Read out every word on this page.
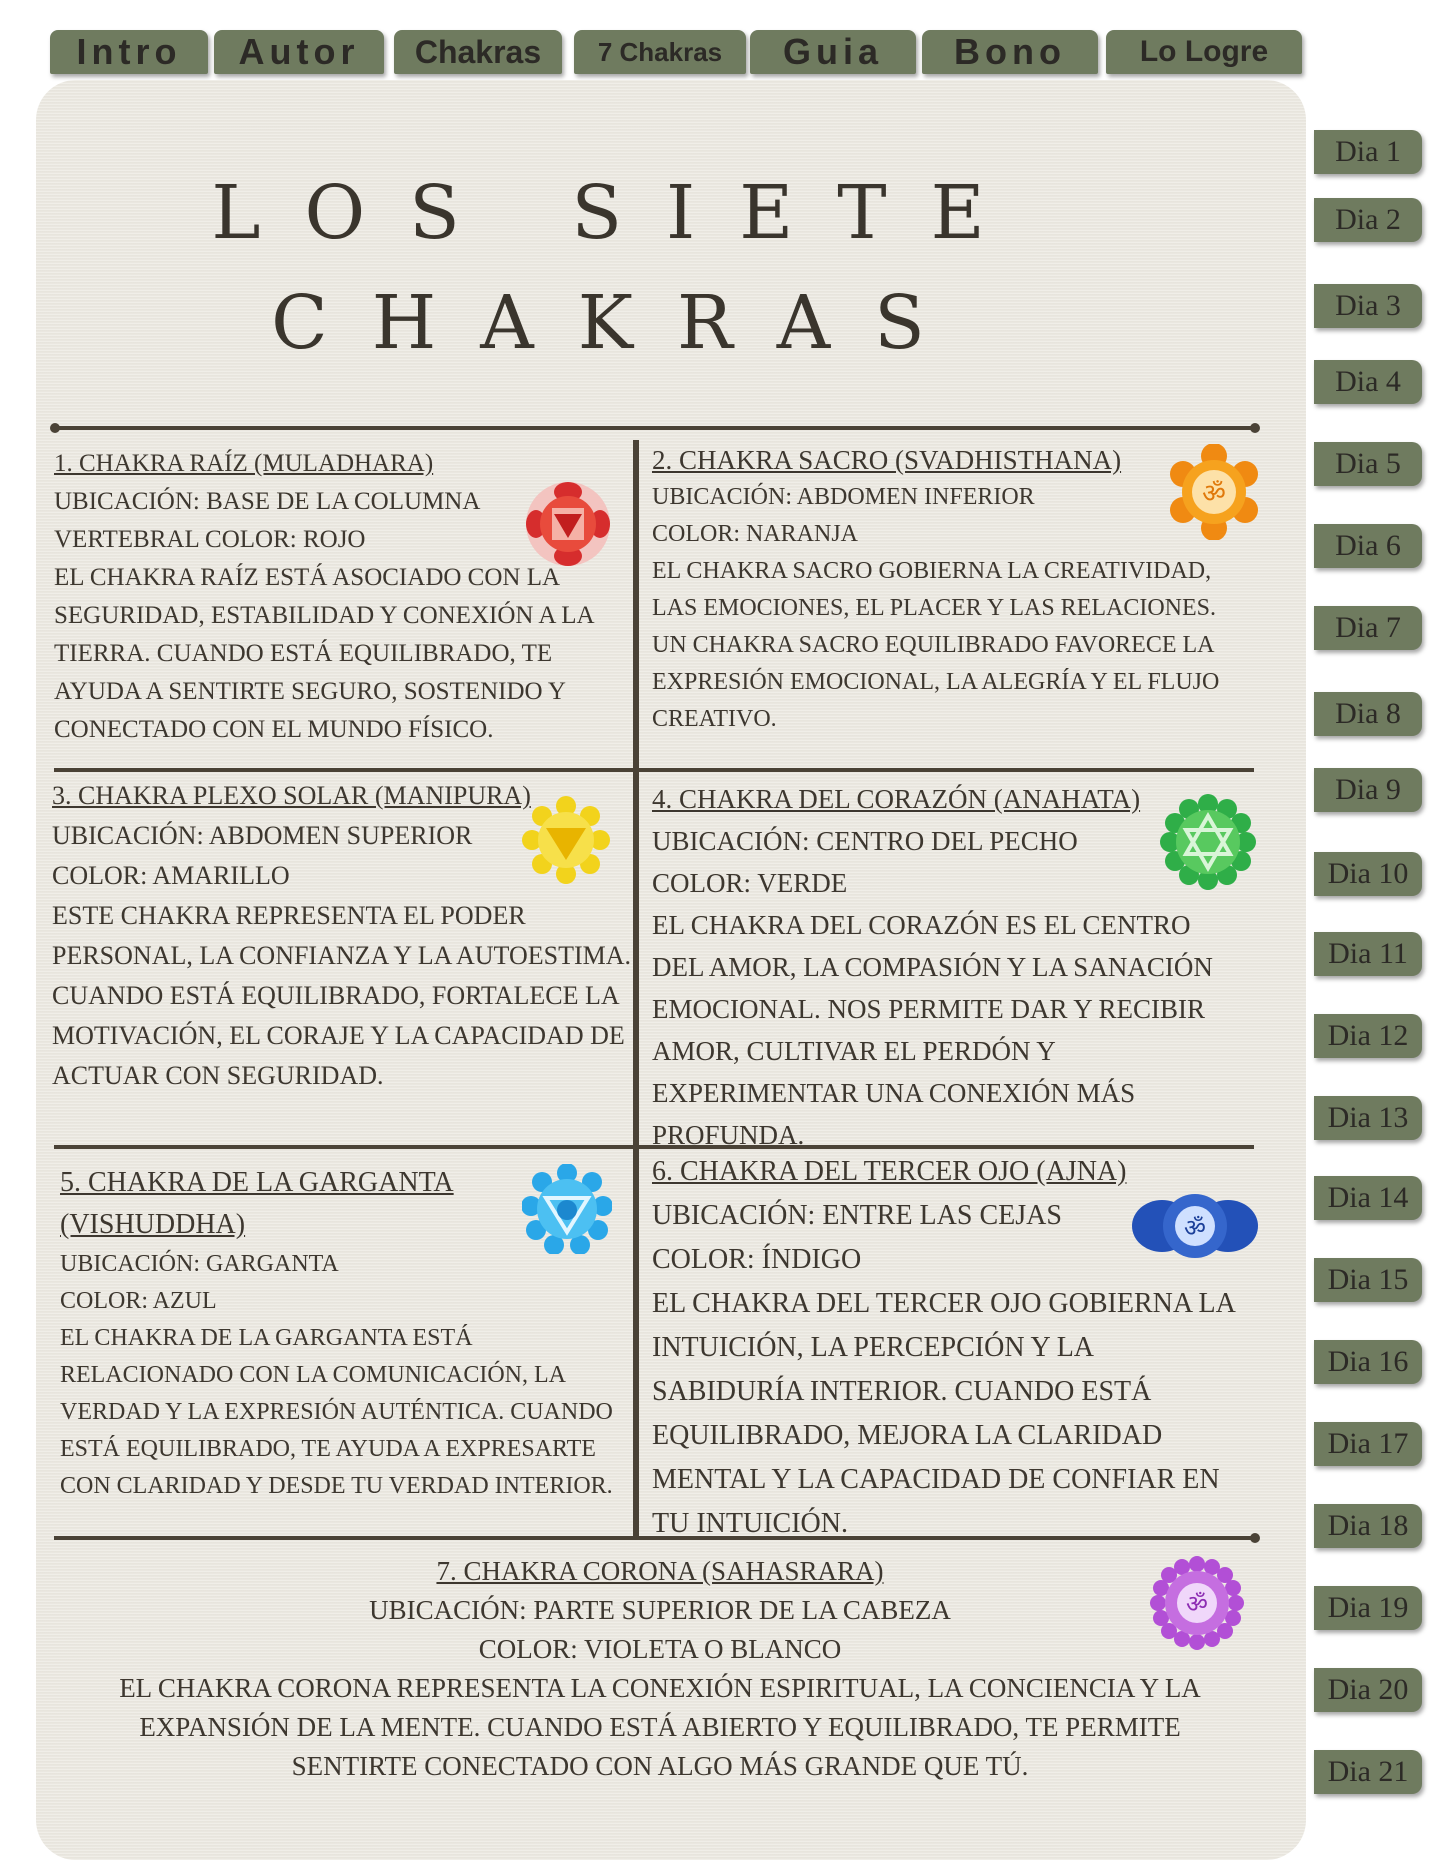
Intro	Autor	Chakras	7 Chakras	Guia	Bono	Lo Logre
Dia 1
Dia 2
Dia 3
Dia 4
Dia 5
Dia 6
Dia 7
Dia 8
Dia 9
Dia 10
Dia 11
Dia 12
Dia 13
Dia 14
Dia 15
Dia 16
Dia 17
Dia 18
Dia 19
Dia 20
Dia 21
LOS SIETE
CHAKRAS
1. CHAKRA RAÍZ (MULADHARA)
UBICACIÓN: BASE DE LA COLUMNA
VERTEBRAL COLOR: ROJO
EL CHAKRA RAÍZ ESTÁ ASOCIADO CON LA SEGURIDAD, ESTABILIDAD Y CONEXIÓN A LA TIERRA. CUANDO ESTÁ EQUILIBRADO, TE AYUDA A SENTIRTE SEGURO, SOSTENIDO Y CONECTADO CON EL MUNDO FÍSICO.
2. CHAKRA SACRO (SVADHISTHANA)
UBICACIÓN: ABDOMEN INFERIOR
COLOR: NARANJA
EL CHAKRA SACRO GOBIERNA LA CREATIVIDAD, LAS EMOCIONES, EL PLACER Y LAS RELACIONES. UN CHAKRA SACRO EQUILIBRADO FAVORECE LA EXPRESIÓN EMOCIONAL, LA ALEGRÍA Y EL FLUJO CREATIVO.
ॐ
3. CHAKRA PLEXO SOLAR (MANIPURA)
UBICACIÓN: ABDOMEN SUPERIOR
COLOR: AMARILLO
ESTE CHAKRA REPRESENTA EL PODER PERSONAL, LA CONFIANZA Y LA AUTOESTIMA. CUANDO ESTÁ EQUILIBRADO, FORTALECE LA MOTIVACIÓN, EL CORAJE Y LA CAPACIDAD DE ACTUAR CON SEGURIDAD.
4. CHAKRA DEL CORAZÓN (ANAHATA)
UBICACIÓN: CENTRO DEL PECHO
COLOR: VERDE
EL CHAKRA DEL CORAZÓN ES EL CENTRO DEL AMOR, LA COMPASIÓN Y LA SANACIÓN EMOCIONAL. NOS PERMITE DAR Y RECIBIR AMOR, CULTIVAR EL PERDÓN Y EXPERIMENTAR UNA CONEXIÓN MÁS PROFUNDA.
5. CHAKRA DE LA GARGANTA (VISHUDDHA)
UBICACIÓN: GARGANTA
COLOR: AZUL
EL CHAKRA DE LA GARGANTA ESTÁ RELACIONADO CON LA COMUNICACIÓN, LA VERDAD Y LA EXPRESIÓN AUTÉNTICA. CUANDO ESTÁ EQUILIBRADO, TE AYUDA A EXPRESARTE CON CLARIDAD Y DESDE TU VERDAD INTERIOR.
6. CHAKRA DEL TERCER OJO (AJNA)
UBICACIÓN: ENTRE LAS CEJAS
COLOR: ÍNDIGO
EL CHAKRA DEL TERCER OJO GOBIERNA LA INTUICIÓN, LA PERCEPCIÓN Y LA SABIDURÍA INTERIOR. CUANDO ESTÁ EQUILIBRADO, MEJORA LA CLARIDAD MENTAL Y LA CAPACIDAD DE CONFIAR EN TU INTUICIÓN.
ॐ
7. CHAKRA CORONA (SAHASRARA)
UBICACIÓN: PARTE SUPERIOR DE LA CABEZA
COLOR: VIOLETA O BLANCO
EL CHAKRA CORONA REPRESENTA LA CONEXIÓN ESPIRITUAL, LA CONCIENCIA Y LA EXPANSIÓN DE LA MENTE. CUANDO ESTÁ ABIERTO Y EQUILIBRADO, TE PERMITE SENTIRTE CONECTADO CON ALGO MÁS GRANDE QUE TÚ.
ॐ
